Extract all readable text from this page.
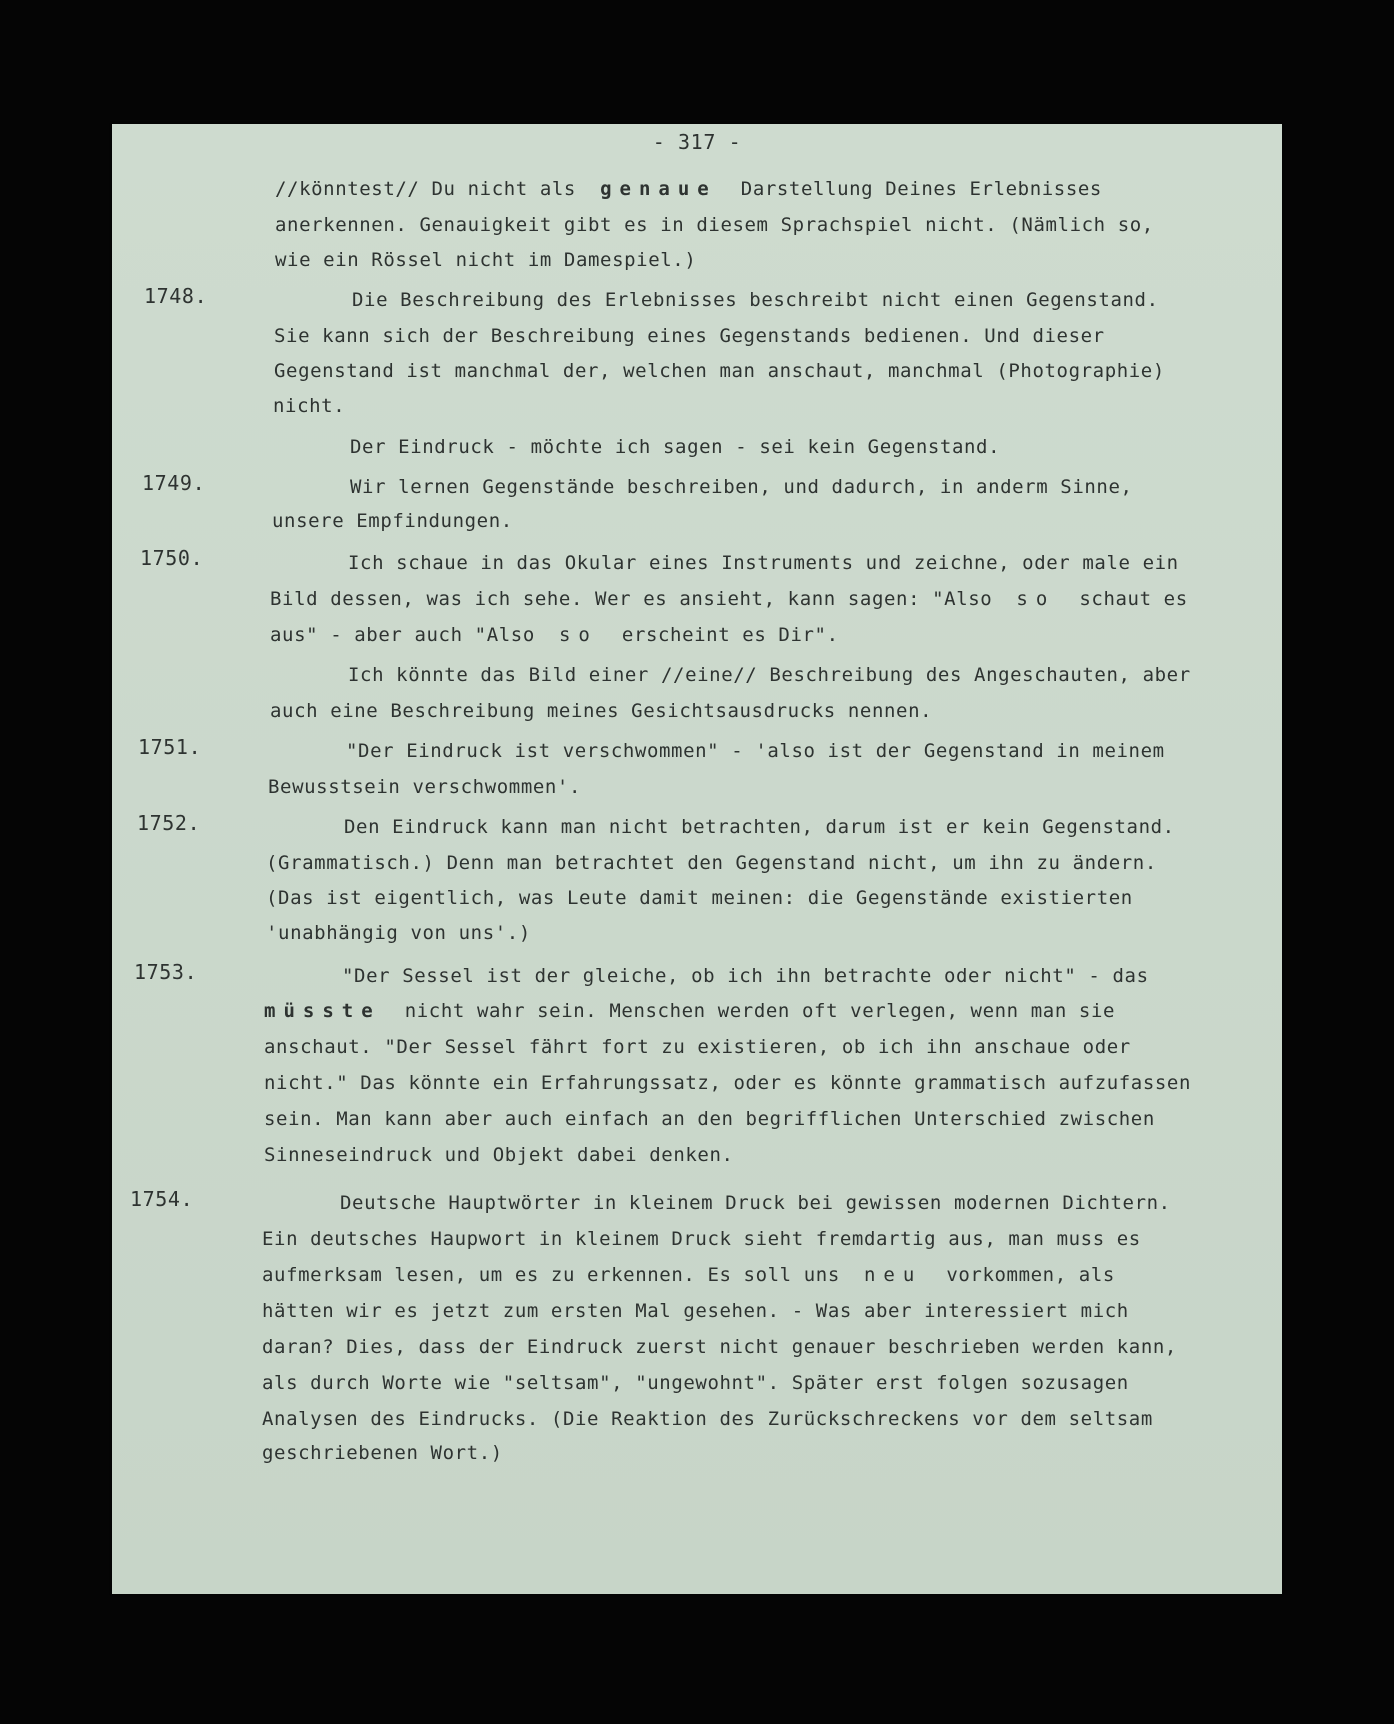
- 317 -
//könntest// Du nicht als genaue Darstellung Deines Erlebnisses
anerkennen. Genauigkeit gibt es in diesem Sprachspiel nicht. (Nämlich so,
wie ein Rössel nicht im Damespiel.)
1748.	Die Beschreibung des Erlebnisses beschreibt nicht einen Gegenstand.
Sie kann sich der Beschreibung eines Gegenstands bedienen. Und dieser
Gegenstand ist manchmal der, welchen man anschaut, manchmal (Photographie)
nicht.
Der Eindruck - möchte ich sagen - sei kein Gegenstand.
1749.	Wir lernen Gegenstände beschreiben, und dadurch, in anderm Sinne,
unsere Empfindungen.
1750.	Ich schaue in das Okular eines Instruments und zeichne, oder male ein
Bild dessen, was ich sehe. Wer es ansieht, kann sagen: "Also so schaut es
aus" - aber auch "Also so erscheint es Dir".
Ich könnte das Bild einer //eine// Beschreibung des Angeschauten, aber
auch eine Beschreibung meines Gesichtsausdrucks nennen.
1751.	"Der Eindruck ist verschwommen" - 'also ist der Gegenstand in meinem
Bewusstsein verschwommen'.
1752.	Den Eindruck kann man nicht betrachten, darum ist er kein Gegenstand.
(Grammatisch.) Denn man betrachtet den Gegenstand nicht, um ihn zu ändern.
(Das ist eigentlich, was Leute damit meinen: die Gegenstände existierten
'unabhängig von uns'.)
1753.	"Der Sessel ist der gleiche, ob ich ihn betrachte oder nicht" - das
müsste nicht wahr sein. Menschen werden oft verlegen, wenn man sie
anschaut. "Der Sessel fährt fort zu existieren, ob ich ihn anschaue oder
nicht." Das könnte ein Erfahrungssatz, oder es könnte grammatisch aufzufassen
sein. Man kann aber auch einfach an den begrifflichen Unterschied zwischen
Sinneseindruck und Objekt dabei denken.
1754.	Deutsche Hauptwörter in kleinem Druck bei gewissen modernen Dichtern.
Ein deutsches Haupwort in kleinem Druck sieht fremdartig aus, man muss es
aufmerksam lesen, um es zu erkennen. Es soll uns neu vorkommen, als
hätten wir es jetzt zum ersten Mal gesehen. - Was aber interessiert mich
daran? Dies, dass der Eindruck zuerst nicht genauer beschrieben werden kann,
als durch Worte wie "seltsam", "ungewohnt". Später erst folgen sozusagen
Analysen des Eindrucks. (Die Reaktion des Zurückschreckens vor dem seltsam
geschriebenen Wort.)
